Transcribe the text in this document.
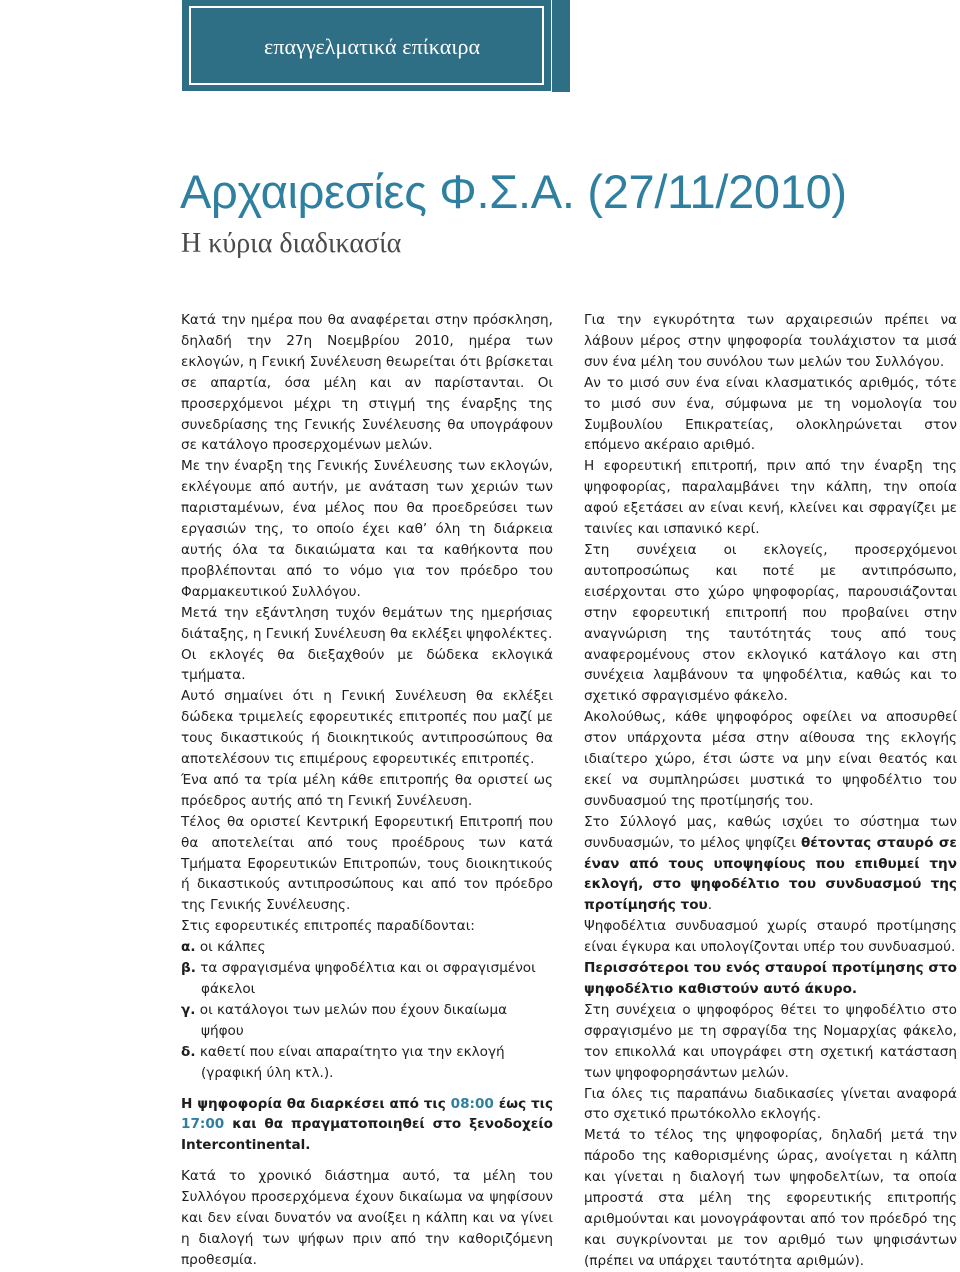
επαγγελματικά επίκαιρα
Αρχαιρεσίες Φ.Σ.Α. (27/11/2010)
Η κύρια διαδικασία

Κατά την ημέρα που θα αναφέρεται στην πρόσκληση, δηλαδή την 27η Νοεμβρίου 2010, ημέρα των εκλογών, η Γενική Συνέλευση θεωρείται ότι βρίσκεται σε απαρτία, όσα μέλη και αν παρίστανται. Οι προσερχόμενοι μέχρι τη στιγμή της έναρξης της συνεδρίασης της Γενικής Συνέλευσης θα υπογράφουν σε κατάλογο προσερχομένων μελών.

Με την έναρξη της Γενικής Συνέλευσης των εκλογών, εκλέγουμε από αυτήν, με ανάταση των χεριών των παρισταμένων, ένα μέλος που θα προεδρεύσει των εργασιών της, το οποίο έχει καθ’ όλη τη διάρκεια αυτής όλα τα δικαιώματα και τα καθήκοντα που προβλέπονται από το νόμο για τον πρόεδρο του Φαρμακευτικού Συλλόγου.

Μετά την εξάντληση τυχόν θεμάτων της ημερήσιας διάταξης, η Γενική Συνέλευση θα εκλέξει ψηφολέκτες.

Οι εκλογές θα διεξαχθούν με δώδεκα εκλογικά τμήματα.

Αυτό σημαίνει ότι η Γενική Συνέλευση θα εκλέξει δώδεκα τριμελείς εφορευτικές επιτροπές που μαζί με τους δικαστικούς ή διοικητικούς αντιπροσώπους θα αποτελέσουν τις επιμέρους εφορευτικές επιτροπές.

Ένα από τα τρία μέλη κάθε επιτροπής θα οριστεί ως πρόεδρος αυτής από τη Γενική Συνέλευση.

Τέλος θα οριστεί Κεντρική Εφορευτική Επιτροπή που θα αποτελείται από τους προέδρους των κατά Τμήματα Εφορευτικών Επιτροπών, τους διοικητικούς ή δικαστικούς αντιπροσώπους και από τον πρόεδρο της Γενικής Συνέλευσης.

Στις εφορευτικές επιτροπές παραδίδονται:

α. οι κάλπες
β. τα σφραγισμένα ψηφοδέλτια και οι σφραγισμένοι φάκελοι
γ. οι κατάλογοι των μελών που έχουν δικαίωμα ψήφου
δ. καθετί που είναι απαραίτητο για την εκλογή (γραφική ύλη κτλ.).

Η ψηφοφορία θα διαρκέσει από τις 08:00 έως τις 17:00 και θα πραγματοποιηθεί στο ξενοδοχείο Intercontinental.

Κατά το χρονικό διάστημα αυτό, τα μέλη του Συλλόγου προσερχόμενα έχουν δικαίωμα να ψηφίσουν και δεν είναι δυνατόν να ανοίξει η κάλπη και να γίνει η διαλογή των ψήφων πριν από την καθοριζόμενη προθεσμία.

Για την εγκυρότητα των αρχαιρεσιών πρέπει να λάβουν μέρος στην ψηφοφορία τουλάχιστον τα μισά συν ένα μέλη του συνόλου των μελών του Συλλόγου.

Αν το μισό συν ένα είναι κλασματικός αριθμός, τότε το μισό συν ένα, σύμφωνα με τη νομολογία του Συμβουλίου Επικρατείας, ολοκληρώνεται στον επόμενο ακέραιο αριθμό.

Η εφορευτική επιτροπή, πριν από την έναρξη της ψηφοφορίας, παραλαμβάνει την κάλπη, την οποία αφού εξετάσει αν είναι κενή, κλείνει και σφραγίζει με ταινίες και ισπανικό κερί.

Στη συνέχεια οι εκλογείς, προσερχόμενοι αυτοπροσώπως και ποτέ με αντιπρόσωπο, εισέρχονται στο χώρο ψηφοφορίας, παρουσιάζονται στην εφορευτική επιτροπή που προβαίνει στην αναγνώριση της ταυτότητάς τους από τους αναφερομένους στον εκλογικό κατάλογο και στη συνέχεια λαμβάνουν τα ψηφοδέλτια, καθώς και το σχετικό σφραγισμένο φάκελο.

Ακολούθως, κάθε ψηφοφόρος οφείλει να αποσυρθεί στον υπάρχοντα μέσα στην αίθουσα της εκλογής ιδιαίτερο χώρο, έτσι ώστε να μην είναι θεατός και εκεί να συμπληρώσει μυστικά το ψηφοδέλτιο του συνδυασμού της προτίμησής του.

Στο Σύλλογό μας, καθώς ισχύει το σύστημα των συνδυασμών, το μέλος ψηφίζει θέτοντας σταυρό σε έναν από τους υποψηφίους που επιθυμεί την εκλογή, στο ψηφοδέλτιο του συνδυασμού της προτίμησής του.

Ψηφοδέλτια συνδυασμού χωρίς σταυρό προτίμησης είναι έγκυρα και υπολογίζονται υπέρ του συνδυασμού.

Περισσότεροι του ενός σταυροί προτίμησης στο ψηφοδέλτιο καθιστούν αυτό άκυρο.

Στη συνέχεια ο ψηφοφόρος θέτει το ψηφοδέλτιο στο σφραγισμένο με τη σφραγίδα της Νομαρχίας φάκελο, τον επικολλά και υπογράφει στη σχετική κατάσταση των ψηφοφορησάντων μελών.

Για όλες τις παραπάνω διαδικασίες γίνεται αναφορά στο σχετικό πρωτόκολλο εκλογής.

Μετά το τέλος της ψηφοφορίας, δηλαδή μετά την πάροδο της καθορισμένης ώρας, ανοίγεται η κάλπη και γίνεται η διαλογή των ψηφοδελτίων, τα οποία μπροστά στα μέλη της εφορευτικής επιτροπής αριθμούνται και μονογράφονται από τον πρόεδρό της και συγκρίνονται με τον αριθμό των ψηφισάντων (πρέπει να υπάρχει ταυτότητα αριθμών).
